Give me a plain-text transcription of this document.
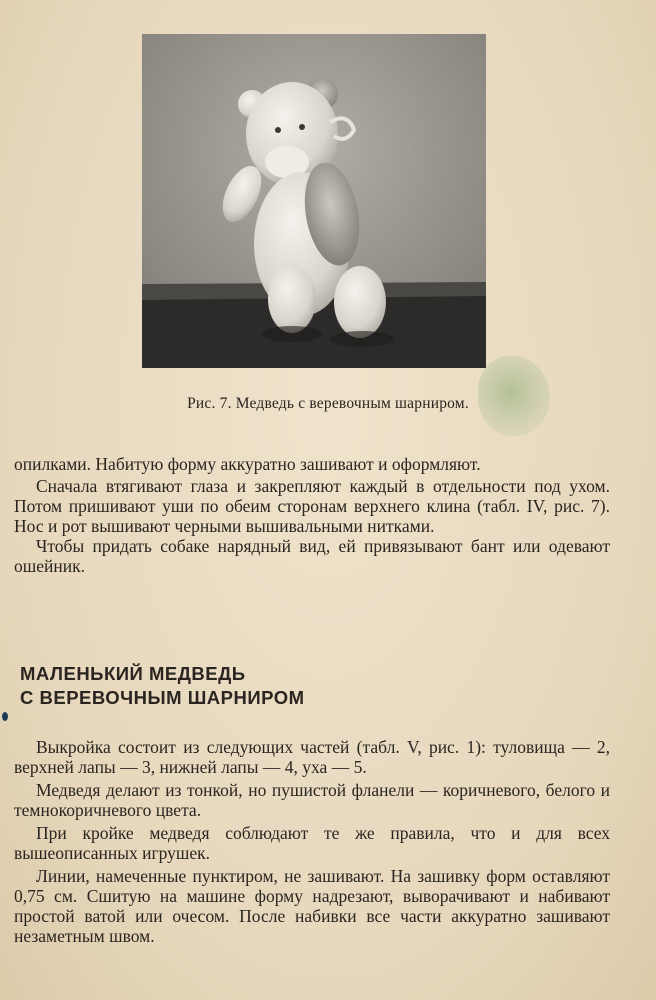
Рис. 7. Медведь с веревочным шарниром.

опилками. Набитую форму аккуратно зашивают и оформляют.

Сначала втягивают глаза и закрепляют каждый в отдельности под ухом. Потом пришивают уши по обеим сторонам верхнего клина (табл. IV, рис. 7). Нос и рот вышивают черными вышивальными нитками.

Чтобы придать собаке нарядный вид, ей привязывают бант или одевают ошейник.

МАЛЕНЬКИЙ МЕДВЕДЬ
С ВЕРЕВОЧНЫМ ШАРНИРОМ

Выкройка состоит из следующих частей (табл. V, рис. 1): туловища — 2, верхней лапы — 3, нижней лапы — 4, уха — 5.

Медведя делают из тонкой, но пушистой фланели — коричневого, белого и темнокоричневого цвета.

При кройке медведя соблюдают те же правила, что и для всех вышеописанных игрушек.

Линии, намеченные пунктиром, не зашивают. На зашивку форм оставляют 0,75 см. Сшитую на машине форму надрезают, выворачивают и набивают простой ватой или очесом. После набивки все части аккуратно зашивают незаметным швом.
